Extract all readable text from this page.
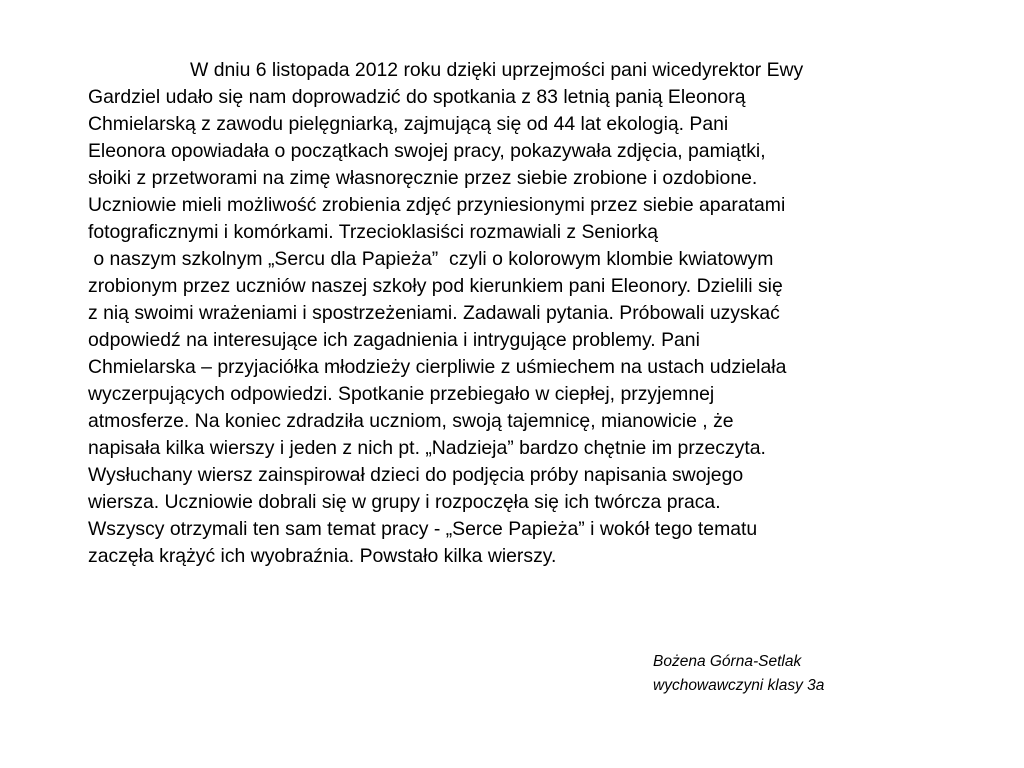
W dniu 6 listopada 2012 roku dzięki uprzejmości pani wicedyrektor Ewy
Gardziel udało się nam doprowadzić do spotkania z 83 letnią panią Eleonorą
Chmielarską z zawodu pielęgniarką, zajmującą się od 44 lat ekologią. Pani
Eleonora opowiadała o początkach swojej pracy, pokazywała zdjęcia, pamiątki,
słoiki z przetworami na zimę własnoręcznie przez siebie zrobione i ozdobione.
Uczniowie mieli możliwość zrobienia zdjęć przyniesionymi przez siebie aparatami
fotograficznymi i komórkami. Trzecioklasiści rozmawiali z Seniorką
o naszym szkolnym „Sercu dla Papieża”  czyli o kolorowym klombie kwiatowym
zrobionym przez uczniów naszej szkoły pod kierunkiem pani Eleonory. Dzielili się
z nią swoimi wrażeniami i spostrzeżeniami. Zadawali pytania. Próbowali uzyskać
odpowiedź na interesujące ich zagadnienia i intrygujące problemy. Pani
Chmielarska – przyjaciółka młodzieży cierpliwie z uśmiechem na ustach udzielała
wyczerpujących odpowiedzi. Spotkanie przebiegało w ciepłej, przyjemnej
atmosferze. Na koniec zdradziła uczniom, swoją tajemnicę, mianowicie , że
napisała kilka wierszy i jeden z nich pt. „Nadzieja” bardzo chętnie im przeczyta.
Wysłuchany wiersz zainspirował dzieci do podjęcia próby napisania swojego
wiersza. Uczniowie dobrali się w grupy i rozpoczęła się ich twórcza praca.
Wszyscy otrzymali ten sam temat pracy - „Serce Papieża” i wokół tego tematu
zaczęła krążyć ich wyobraźnia. Powstało kilka wierszy.
Bożena Górna-Setlak
wychowawczyni klasy 3a
